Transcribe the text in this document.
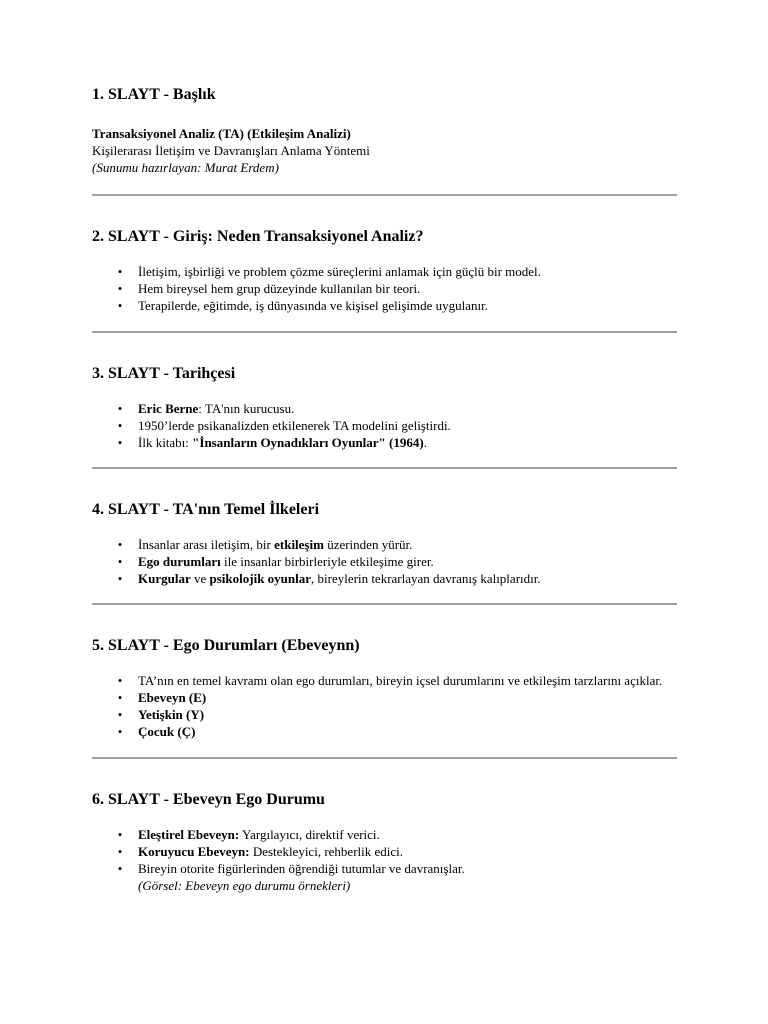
1. SLAYT - Başlık
Transaksiyonel Analiz (TA) (Etkileşim Analizi)
Kişilerarası İletişim ve Davranışları Anlama Yöntemi
(Sunumu hazırlayan: Murat Erdem)
2. SLAYT - Giriş: Neden Transaksiyonel Analiz?
• İletişim, işbirliği ve problem çözme süreçlerini anlamak için güçlü bir model.
• Hem bireysel hem grup düzeyinde kullanılan bir teori.
• Terapilerde, eğitimde, iş dünyasında ve kişisel gelişimde uygulanır.
3. SLAYT - Tarihçesi
• Eric Berne: TA'nın kurucusu.
• 1950’lerde psikanalizden etkilenerek TA modelini geliştirdi.
• İlk kitabı: "İnsanların Oynadıkları Oyunlar" (1964).
4. SLAYT - TA'nın Temel İlkeleri
• İnsanlar arası iletişim, bir etkileşim üzerinden yürür.
• Ego durumları ile insanlar birbirleriyle etkileşime girer.
• Kurgular ve psikolojik oyunlar, bireylerin tekrarlayan davranış kalıplarıdır.
5. SLAYT - Ego Durumları (Ebeveynn)
• TA’nın en temel kavramı olan ego durumları, bireyin içsel durumlarını ve etkileşim tarzlarını açıklar.
• Ebeveyn (E)
• Yetişkin (Y)
• Çocuk (Ç)
6. SLAYT - Ebeveyn Ego Durumu
• Eleştirel Ebeveyn: Yargılayıcı, direktif verici.
• Koruyucu Ebeveyn: Destekleyici, rehberlik edici.
• Bireyin otorite figürlerinden öğrendiği tutumlar ve davranışlar.
(Görsel: Ebeveyn ego durumu örnekleri)
